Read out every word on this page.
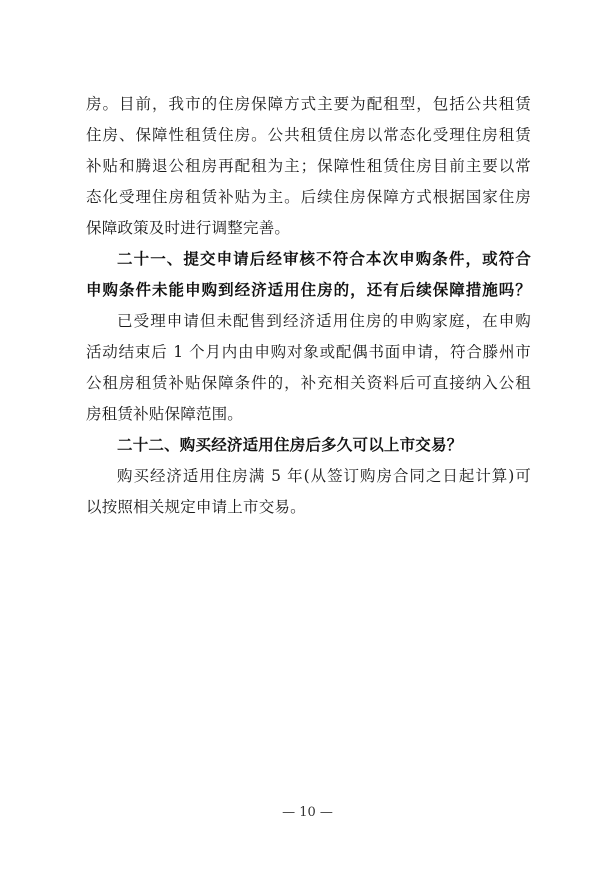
房。目前，我市的住房保障方式主要为配租型，包括公共租赁
住房、保障性租赁住房。公共租赁住房以常态化受理住房租赁
补贴和腾退公租房再配租为主；保障性租赁住房目前主要以常
态化受理住房租赁补贴为主。后续住房保障方式根据国家住房
保障政策及时进行调整完善。
二十一、提交申请后经审核不符合本次申购条件，或符合
申购条件未能申购到经济适用住房的，还有后续保障措施吗？
已受理申请但未配售到经济适用住房的申购家庭，在申购
活动结束后 1 个月内由申购对象或配偶书面申请，符合滕州市
公租房租赁补贴保障条件的，补充相关资料后可直接纳入公租
房租赁补贴保障范围。
二十二、购买经济适用住房后多久可以上市交易？
购买经济适用住房满 5 年(从签订购房合同之日起计算)可
以按照相关规定申请上市交易。
— 10 —
